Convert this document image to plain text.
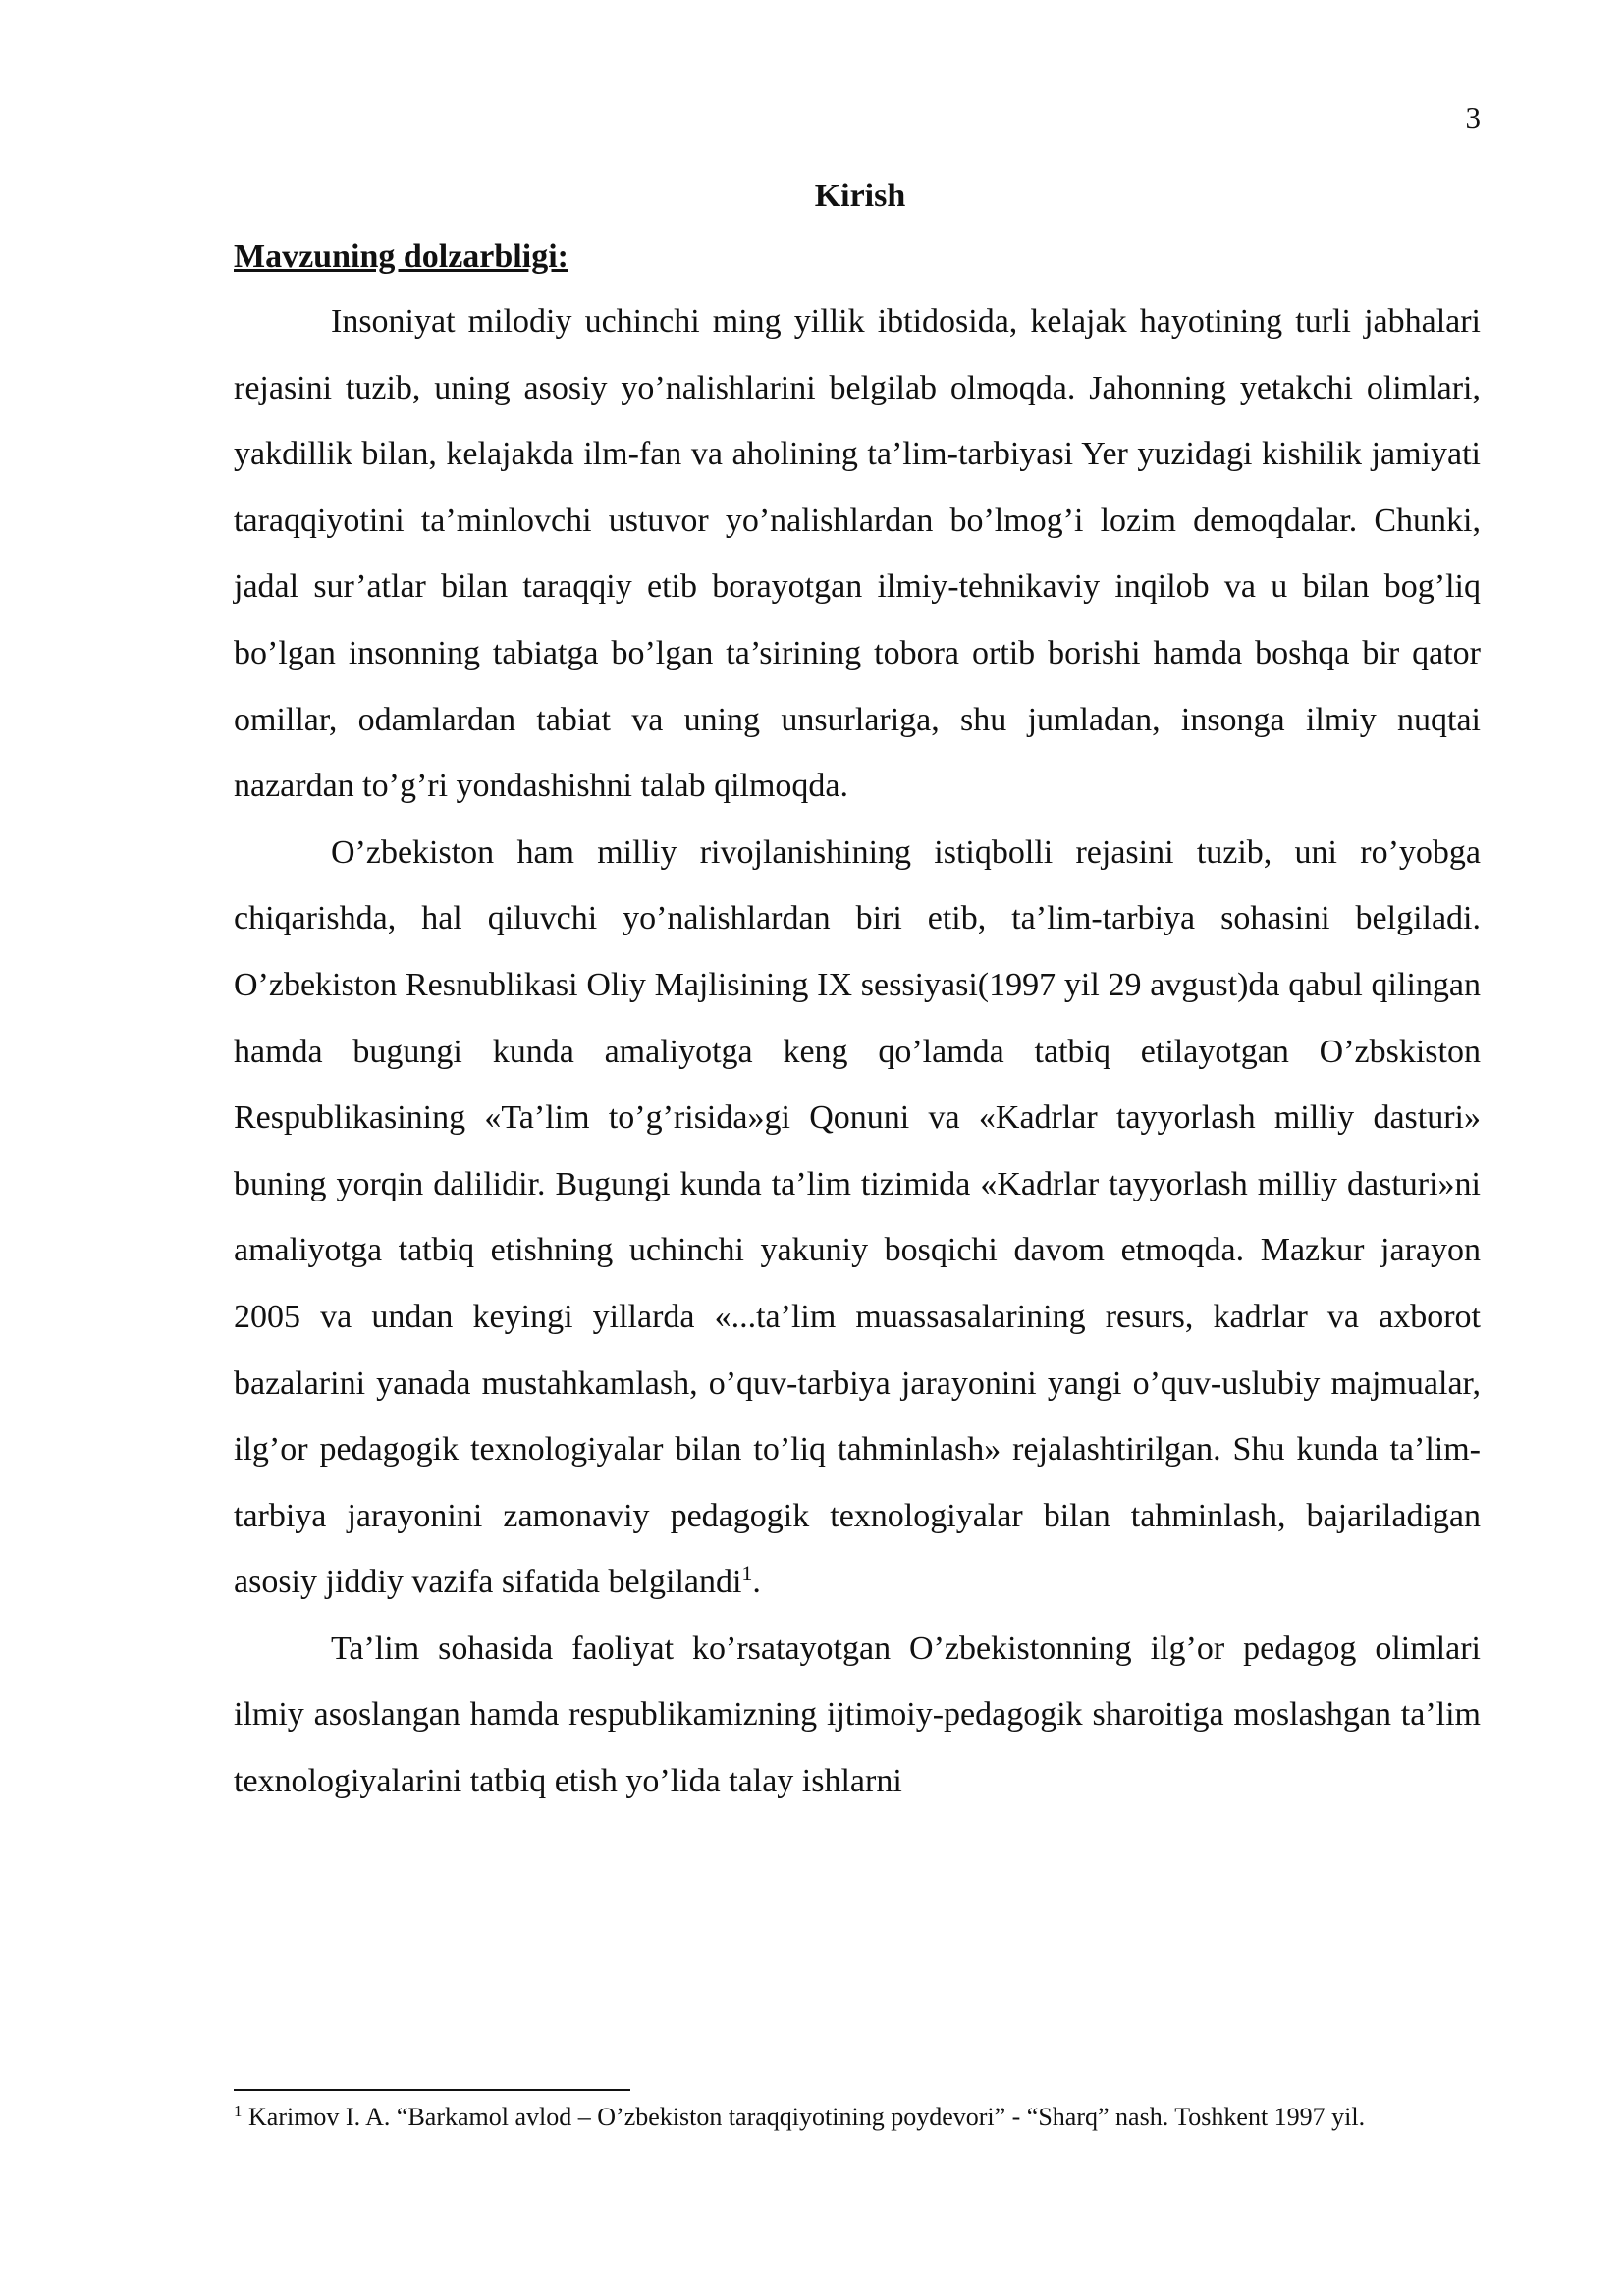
3
Kirish
Mavzuning dolzarbligi:

Insoniyat milodiy uchinchi ming yillik ibtidosida, kelajak hayotining turli jabhalari rejasini tuzib, uning asosiy yo’nalishlarini belgilab olmoqda. Jahonning yetakchi olimlari, yakdillik bilan, kelajakda ilm-fan va aholining ta’lim-tarbiyasi Yer yuzidagi kishilik jamiyati taraqqiyotini ta’minlovchi ustuvor yo’nalishlardan bo’lmog’i lozim demoqdalar. Chunki, jadal sur’atlar bilan taraqqiy etib borayotgan ilmiy-tehnikaviy inqilob va u bilan bog’liq bo’lgan insonning tabiatga bo’lgan ta’sirining tobora ortib borishi hamda boshqa bir qator omillar, odamlardan tabiat va uning unsurlariga, shu jumladan, insonga ilmiy nuqtai nazardan to’g’ri yondashishni talab qilmoqda.

O’zbekiston ham milliy rivojlanishining istiqbolli rejasini tuzib, uni ro’yobga chiqarishda, hal qiluvchi yo’nalishlardan biri etib, ta’lim-tarbiya sohasini belgiladi. O’zbekiston Resnublikasi Oliy Majlisining IX sessiyasi(1997 yil 29 avgust)da qabul qilingan hamda bugungi kunda amaliyotga keng qo’lamda tatbiq etilayotgan O’zbskiston Respublikasining «Ta’lim to’g’risida»gi Qonuni va «Kadrlar tayyorlash milliy dasturi» buning yorqin dalilidir. Bugungi kunda ta’lim tizimida «Kadrlar tayyorlash milliy dasturi»ni amaliyotga tatbiq etishning uchinchi yakuniy bosqichi davom etmoqda. Mazkur jarayon 2005 va undan keyingi yillarda «...ta’lim muassasalarining resurs, kadrlar va axborot bazalarini yanada mustahkamlash, o’quv-tarbiya jarayonini yangi o’quv-uslubiy majmualar, ilg’or pedagogik texnologiyalar bilan to’liq tahminlash» rejalashtirilgan. Shu kunda ta’lim-tarbiya jarayonini zamonaviy pedagogik texnologiyalar bilan tahminlash, bajariladigan asosiy jiddiy vazifa sifatida belgilandi$^1$.

Ta’lim sohasida faoliyat ko’rsatayotgan O’zbekistonning ilg’or pedagog olimlari ilmiy asoslangan hamda respublikamizning ijtimoiy-pedagogik sharoitiga moslashgan ta’lim texnologiyalarini tatbiq etish yo’lida talay ishlarni

$^1$ Karimov I. A. “Barkamol avlod – O’zbekiston taraqqiyotining poydevori” - “Sharq” nash. Toshkent 1997 yil.
